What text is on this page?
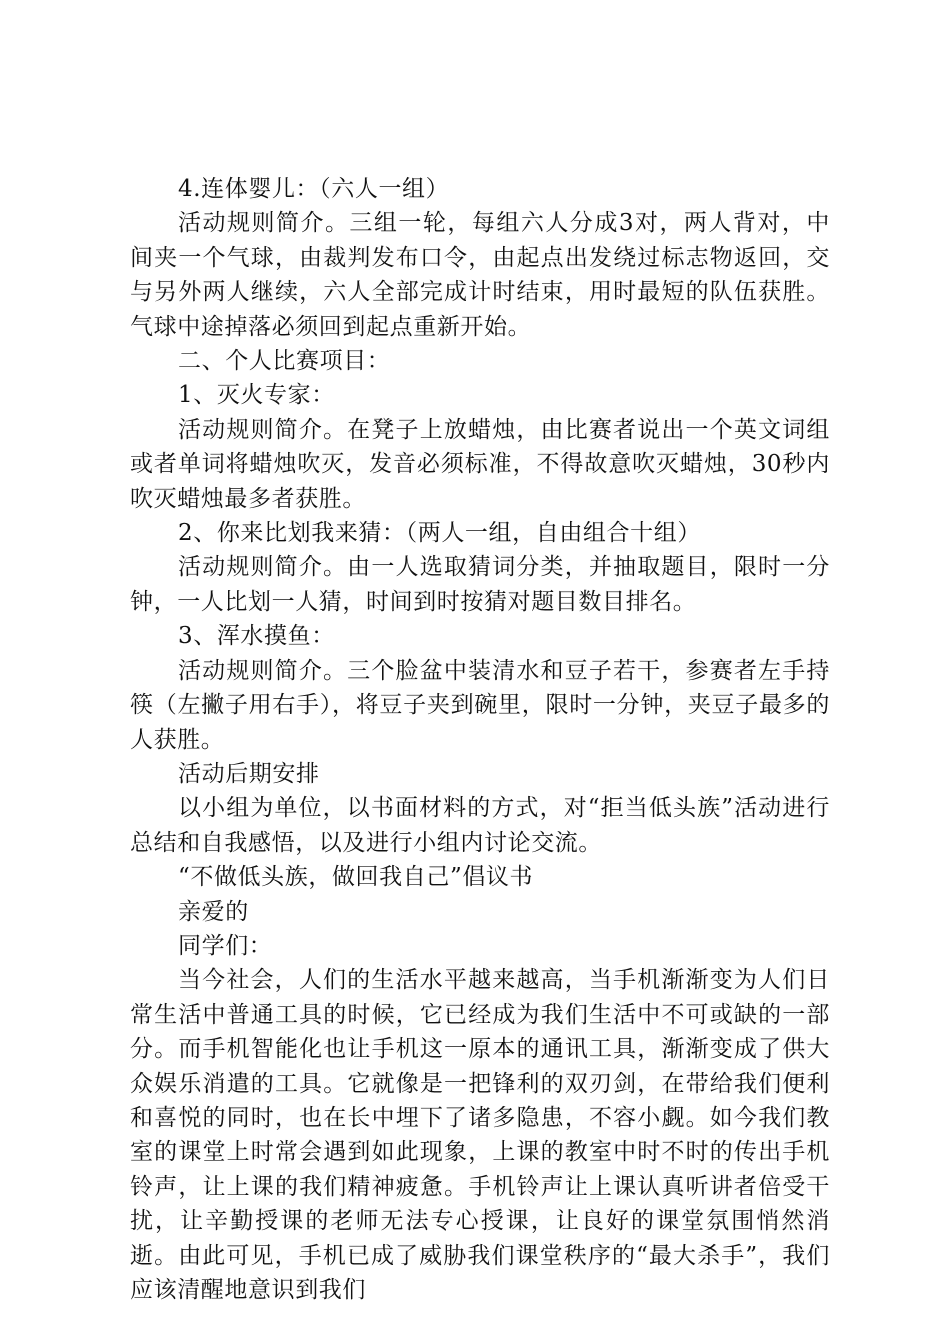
4.连体婴儿：（六人一组）

活动规则简介。三组一轮，每组六人分成3对，两人背对，中间夹一个气球，由裁判发布口令，由起点出发绕过标志物返回，交与另外两人继续，六人全部完成计时结束，用时最短的队伍获胜。气球中途掉落必须回到起点重新开始。

二、个人比赛项目：

1、灭火专家：

活动规则简介。在凳子上放蜡烛，由比赛者说出一个英文词组或者单词将蜡烛吹灭，发音必须标准，不得故意吹灭蜡烛，30秒内吹灭蜡烛最多者获胜。

2、你来比划我来猜：（两人一组，自由组合十组）

活动规则简介。由一人选取猜词分类，并抽取题目，限时一分钟，一人比划一人猜，时间到时按猜对题目数目排名。

3、浑水摸鱼：

活动规则简介。三个脸盆中装清水和豆子若干，参赛者左手持筷（左撇子用右手），将豆子夹到碗里，限时一分钟，夹豆子最多的人获胜。

活动后期安排

以小组为单位，以书面材料的方式，对“拒当低头族”活动进行总结和自我感悟，以及进行小组内讨论交流。

“不做低头族，做回我自己”倡议书

亲爱的

同学们：

当今社会，人们的生活水平越来越高，当手机渐渐变为人们日常生活中普通工具的时候，它已经成为我们生活中不可或缺的一部分。而手机智能化也让手机这一原本的通讯工具，渐渐变成了供大众娱乐消遣的工具。它就像是一把锋利的双刃剑，在带给我们便利和喜悦的同时，也在长中埋下了诸多隐患，不容小觑。如今我们教室的课堂上时常会遇到如此现象，上课的教室中时不时的传出手机铃声，让上课的我们精神疲惫。手机铃声让上课认真听讲者倍受干扰，让辛勤授课的老师无法专心授课，让良好的课堂氛围悄然消逝。由此可见，手机已成了威胁我们课堂秩序的“最大杀手”，我们应该清醒地意识到我们
